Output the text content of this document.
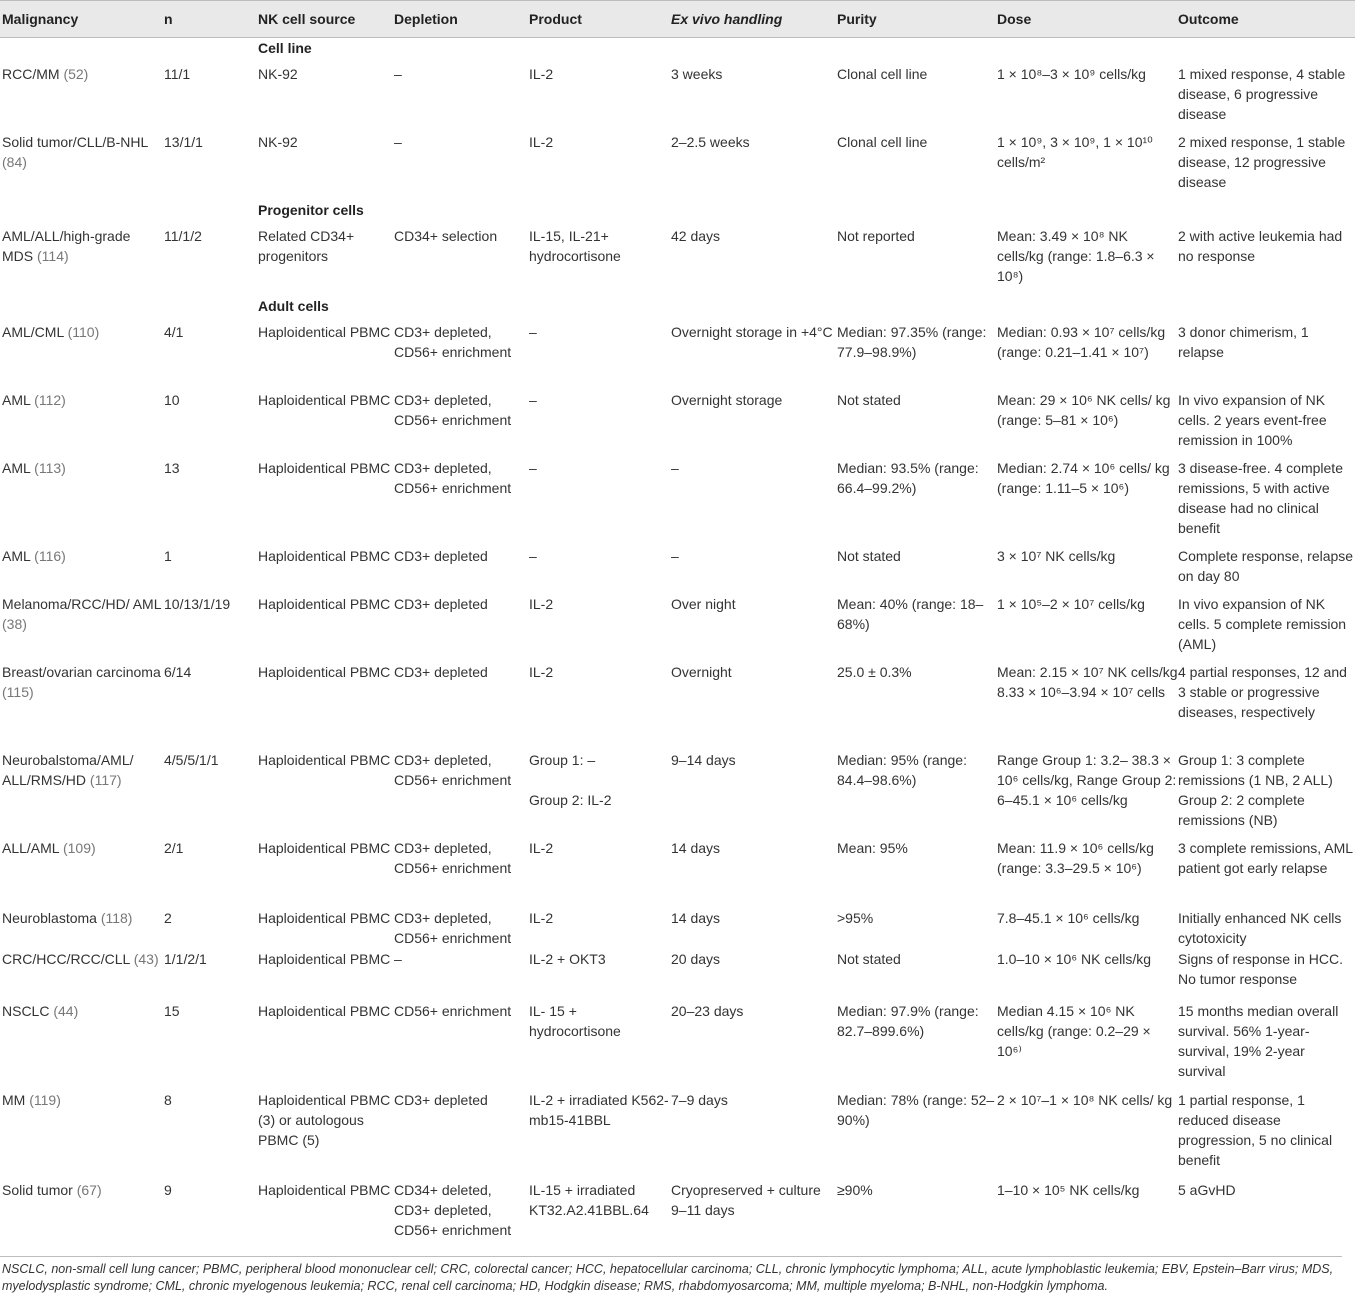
Malignancy	n	NK cell source	Depletion	Product	Ex vivo handling	Purity	Dose	Outcome
		Cell line						
RCC/MM (52)	11/1	NK-92	–	IL-2	3 weeks	Clonal cell line	1 × 10⁸–3 × 10⁹ cells/kg	1 mixed response, 4 stable disease, 6 progressive disease
Solid tumor/CLL/B-NHL (84)	13/1/1	NK-92	–	IL-2	2–2.5 weeks	Clonal cell line	1 × 10⁹, 3 × 10⁹, 1 × 10¹⁰ cells/m²	2 mixed response, 1 stable disease, 12 progressive disease
		Progenitor cells						
AML/ALL/high-grade MDS (114)	11/1/2	Related CD34+ progenitors	CD34+ selection	IL-15, IL-21+ hydrocortisone	42 days	Not reported	Mean: 3.49 × 10⁸ NK cells/kg (range: 1.8–6.3 × 10⁸)	2 with active leukemia had no response
		Adult cells						
AML/CML (110)	4/1	Haploidentical PBMC	CD3+ depleted, CD56+ enrichment	–	Overnight storage in +4°C	Median: 97.35% (range: 77.9–98.9%)	Median: 0.93 × 10⁷ cells/kg (range: 0.21–1.41 × 10⁷)	3 donor chimerism, 1 relapse
AML (112)	10	Haploidentical PBMC	CD3+ depleted, CD56+ enrichment	–	Overnight storage	Not stated	Mean: 29 × 10⁶ NK cells/ kg (range: 5–81 × 10⁶)	In vivo expansion of NK cells. 2 years event-free remission in 100%
AML (113)	13	Haploidentical PBMC	CD3+ depleted, CD56+ enrichment	–	–	Median: 93.5% (range: 66.4–99.2%)	Median: 2.74 × 10⁶ cells/ kg (range: 1.11–5 × 10⁶)	3 disease-free. 4 complete remissions, 5 with active disease had no clinical benefit
AML (116)	1	Haploidentical PBMC	CD3+ depleted	–	–	Not stated	3 × 10⁷ NK cells/kg	Complete response, relapse on day 80
Melanoma/RCC/HD/ AML (38)	10/13/1/19	Haploidentical PBMC	CD3+ depleted	IL-2	Over night	Mean: 40% (range: 18–68%)	1 × 10⁵–2 × 10⁷ cells/kg	In vivo expansion of NK cells. 5 complete remission (AML)
Breast/ovarian carcinoma (115)	6/14	Haploidentical PBMC	CD3+ depleted	IL-2	Overnight	25.0 ± 0.3%	Mean: 2.15 × 10⁷ NK cells/kg 8.33 × 10⁶–3.94 × 10⁷ cells	4 partial responses, 12 and 3 stable or progressive diseases, respectively
Neurobalstoma/AML/ ALL/RMS/HD (117)	4/5/5/1/1	Haploidentical PBMC	CD3+ depleted, CD56+ enrichment	Group 1: –
Group 2: IL-2	9–14 days	Median: 95% (range: 84.4–98.6%)	Range Group 1: 3.2– 38.3 × 10⁶ cells/kg, Range Group 2: 6–45.1 × 10⁶ cells/kg	Group 1: 3 complete remissions (1 NB, 2 ALL) Group 2: 2 complete remissions (NB)
ALL/AML (109)	2/1	Haploidentical PBMC	CD3+ depleted, CD56+ enrichment	IL-2	14 days	Mean: 95%	Mean: 11.9 × 10⁶ cells/kg (range: 3.3–29.5 × 10⁶)	3 complete remissions, AML patient got early relapse
Neuroblastoma (118)	2	Haploidentical PBMC	CD3+ depleted, CD56+ enrichment	IL-2	14 days	>95%	7.8–45.1 × 10⁶ cells/kg	Initially enhanced NK cells cytotoxicity
CRC/HCC/RCC/CLL (43)	1/1/2/1	Haploidentical PBMC	–	IL-2 + OKT3	20 days	Not stated	1.0–10 × 10⁶ NK cells/kg	Signs of response in HCC. No tumor response
NSCLC (44)	15	Haploidentical PBMC	CD56+ enrichment	IL- 15 + hydrocortisone	20–23 days	Median: 97.9% (range: 82.7–899.6%)	Median 4.15 × 10⁶ NK cells/kg (range: 0.2–29 × 10⁶⁾	15 months median overall survival. 56% 1-year-survival, 19% 2-year survival
MM (119)	8	Haploidentical PBMC (3) or autologous PBMC (5)	CD3+ depleted	IL-2 + irradiated K562-mb15-41BBL	7–9 days	Median: 78% (range: 52–90%)	2 × 10⁷–1 × 10⁸ NK cells/ kg	1 partial response, 1 reduced disease progression, 5 no clinical benefit
Solid tumor (67)	9	Haploidentical PBMC	CD34+ deleted, CD3+ depleted, CD56+ enrichment	IL-15 + irradiated KT32.A2.41BBL.64	Cryopreserved + culture 9–11 days	≥90%	1–10 × 10⁵ NK cells/kg	5 aGvHD
NSCLC, non-small cell lung cancer; PBMC, peripheral blood mononuclear cell; CRC, colorectal cancer; HCC, hepatocellular carcinoma; CLL, chronic lymphocytic lymphoma; ALL, acute lymphoblastic leukemia; EBV, Epstein–Barr virus; MDS, myelodysplastic syndrome; CML, chronic myelogenous leukemia; RCC, renal cell carcinoma; HD, Hodgkin disease; RMS, rhabdomyosarcoma; MM, multiple myeloma; B-NHL, non-Hodgkin lymphoma.
